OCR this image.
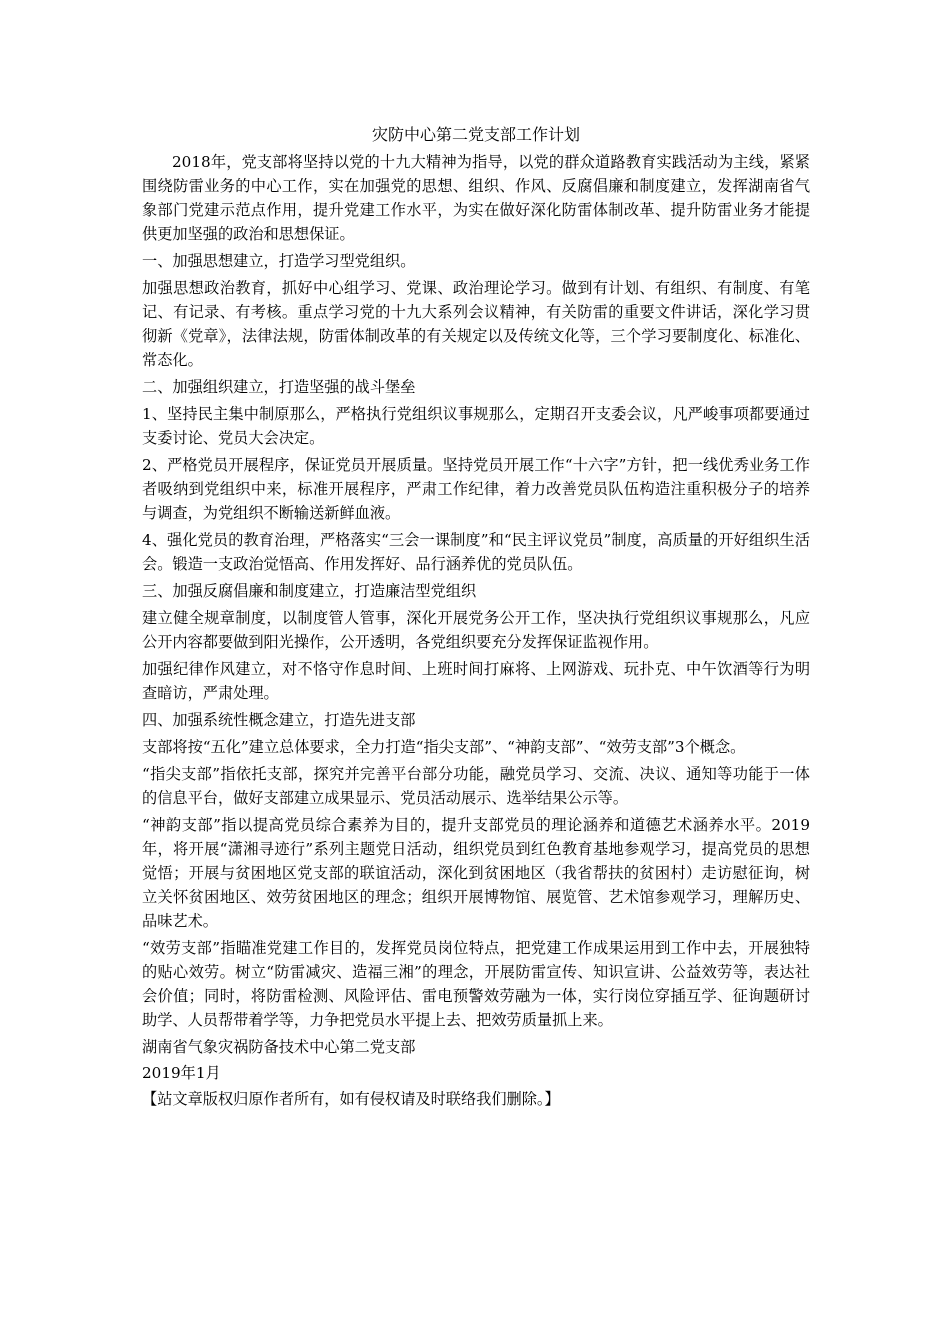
灾防中心第二党支部工作计划

2018年，党支部将坚持以党的十九大精神为指导，以党的群众道路教育实践活动为主线，紧紧围绕防雷业务的中心工作，实在加强党的思想、组织、作风、反腐倡廉和制度建立，发挥湖南省气象部门党建示范点作用，提升党建工作水平，为实在做好深化防雷体制改革、提升防雷业务才能提供更加坚强的政治和思想保证。

一、加强思想建立，打造学习型党组织。

加强思想政治教育，抓好中心组学习、党课、政治理论学习。做到有计划、有组织、有制度、有笔记、有记录、有考核。重点学习党的十九大系列会议精神，有关防雷的重要文件讲话，深化学习贯彻新《党章》，法律法规，防雷体制改革的有关规定以及传统文化等，三个学习要制度化、标准化、常态化。

二、加强组织建立，打造坚强的战斗堡垒

1、坚持民主集中制原那么，严格执行党组织议事规那么，定期召开支委会议，凡严峻事项都要通过支委讨论、党员大会决定。

2、严格党员开展程序，保证党员开展质量。坚持党员开展工作“十六字”方针，把一线优秀业务工作者吸纳到党组织中来，标准开展程序，严肃工作纪律，着力改善党员队伍构造注重积极分子的培养与调查，为党组织不断输送新鲜血液。

4、强化党员的教育治理，严格落实“三会一课制度”和“民主评议党员”制度，高质量的开好组织生活会。锻造一支政治觉悟高、作用发挥好、品行涵养优的党员队伍。

三、加强反腐倡廉和制度建立，打造廉洁型党组织

建立健全规章制度，以制度管人管事，深化开展党务公开工作，坚决执行党组织议事规那么，凡应公开内容都要做到阳光操作，公开透明，各党组织要充分发挥保证监视作用。

加强纪律作风建立，对不恪守作息时间、上班时间打麻将、上网游戏、玩扑克、中午饮酒等行为明查暗访，严肃处理。

四、加强系统性概念建立，打造先进支部

支部将按“五化”建立总体要求，全力打造“指尖支部”、“神韵支部”、“效劳支部”3个概念。

“指尖支部”指依托支部，探究并完善平台部分功能，融党员学习、交流、决议、通知等功能于一体的信息平台，做好支部建立成果显示、党员活动展示、选举结果公示等。

“神韵支部”指以提高党员综合素养为目的，提升支部党员的理论涵养和道德艺术涵养水平。2019年，将开展“潇湘寻迹行”系列主题党日活动，组织党员到红色教育基地参观学习，提高党员的思想觉悟；开展与贫困地区党支部的联谊活动，深化到贫困地区（我省帮扶的贫困村）走访慰征询，树立关怀贫困地区、效劳贫困地区的理念；组织开展博物馆、展览管、艺术馆参观学习，理解历史、品味艺术。

“效劳支部”指瞄准党建工作目的，发挥党员岗位特点，把党建工作成果运用到工作中去，开展独特的贴心效劳。树立“防雷减灾、造福三湘”的理念，开展防雷宣传、知识宣讲、公益效劳等，表达社会价值；同时，将防雷检测、风险评估、雷电预警效劳融为一体，实行岗位穿插互学、征询题研讨助学、人员帮带着学等，力争把党员水平提上去、把效劳质量抓上来。

湖南省气象灾祸防备技术中心第二党支部
2019年1月
【站文章版权归原作者所有，如有侵权请及时联络我们删除。】
